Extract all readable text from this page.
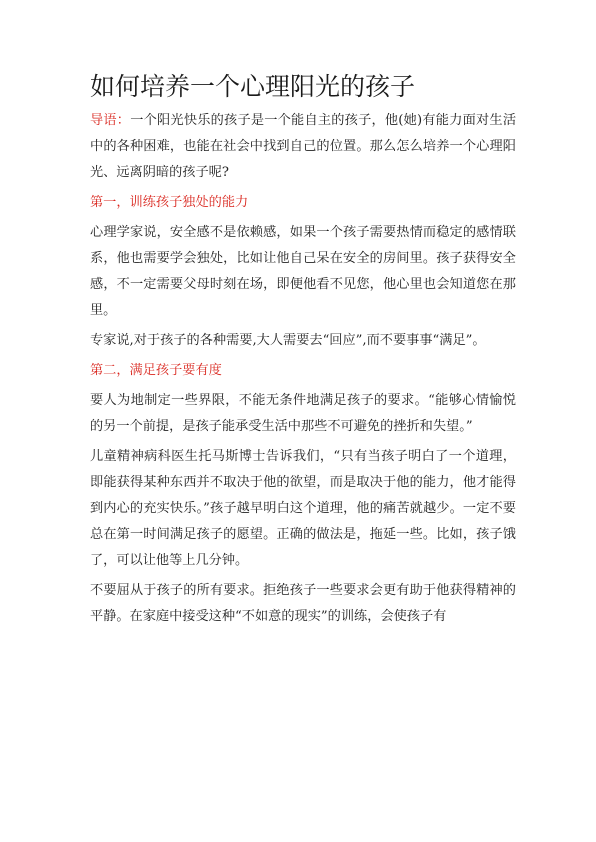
如何培养一个心理阳光的孩子

导语：一个阳光快乐的孩子是一个能自主的孩子，他(她)有能力面对生活中的各种困难，也能在社会中找到自己的位置。那么怎么培养一个心理阳光、远离阴暗的孩子呢?

第一，训练孩子独处的能力

心理学家说，安全感不是依赖感，如果一个孩子需要热情而稳定的感情联系，他也需要学会独处，比如让他自己呆在安全的房间里。孩子获得安全感，不一定需要父母时刻在场，即便他看不见您，他心里也会知道您在那里。

专家说,对于孩子的各种需要,大人需要去“回应”,而不要事事“满足”。

第二，满足孩子要有度

要人为地制定一些界限，不能无条件地满足孩子的要求。“能够心情愉悦的另一个前提，是孩子能承受生活中那些不可避免的挫折和失望。”

儿童精神病科医生托马斯博士告诉我们，“只有当孩子明白了一个道理，即能获得某种东西并不取决于他的欲望，而是取决于他的能力，他才能得到内心的充实快乐。”孩子越早明白这个道理，他的痛苦就越少。一定不要总在第一时间满足孩子的愿望。正确的做法是，拖延一些。比如，孩子饿了，可以让他等上几分钟。

不要屈从于孩子的所有要求。拒绝孩子一些要求会更有助于他获得精神的平静。在家庭中接受这种“不如意的现实”的训练，会使孩子有
